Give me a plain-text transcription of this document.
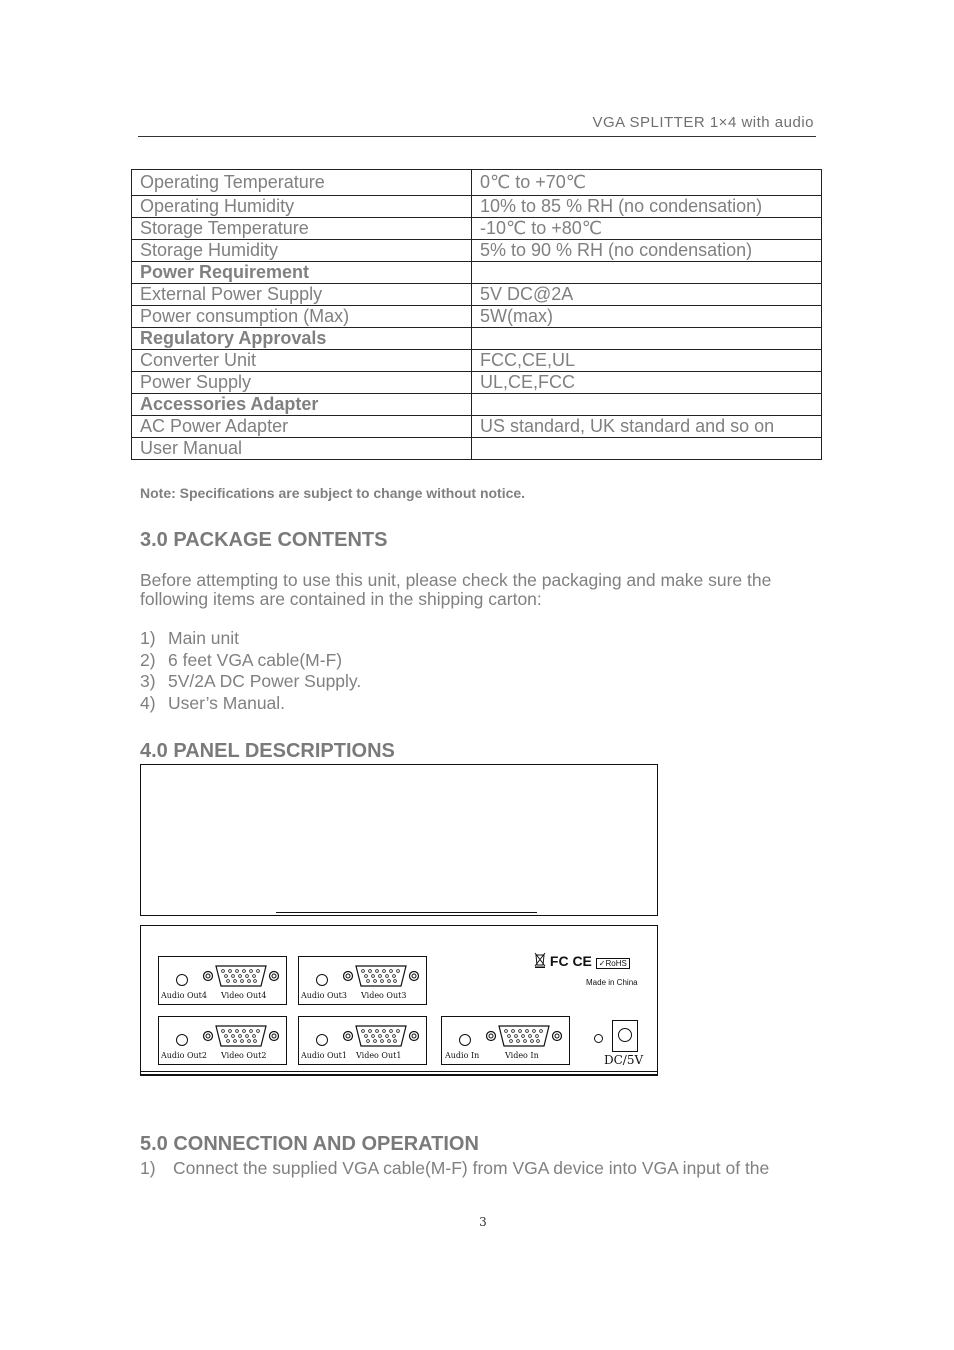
VGA SPLITTER 1×4 with audio
Operating Temperature	0℃ to +70℃
Operating Humidity	10% to 85 % RH (no condensation)
Storage Temperature	-10℃ to +80℃
Storage Humidity	5% to 90 % RH (no condensation)
Power Requirement	
External Power Supply	5V DC@2A
Power consumption (Max)	5W(max)
Regulatory Approvals	
Converter Unit	FCC,CE,UL
Power Supply	UL,CE,FCC
Accessories Adapter	
AC Power Adapter	US standard, UK standard and so on
User Manual	
Note: Specifications are subject to change without notice.
3.0 PACKAGE CONTENTS
Before attempting to use this unit, please check the packaging and make sure the following items are contained in the shipping carton:
1) Main unit
2) 6 feet VGA cable(M-F)
3) 5V/2A DC Power Supply.
4) User’s Manual.
4.0 PANEL DESCRIPTIONS
Audio Out4 Video Out4	Audio Out3 Video Out3
Audio Out2 Video Out2	Audio Out1 Video Out1	Audio In	Video In
FC CE ✓RoHS
Made in China
DC/5V
5.0 CONNECTION AND OPERATION
1) Connect the supplied VGA cable(M-F) from VGA device into VGA input of the
3
